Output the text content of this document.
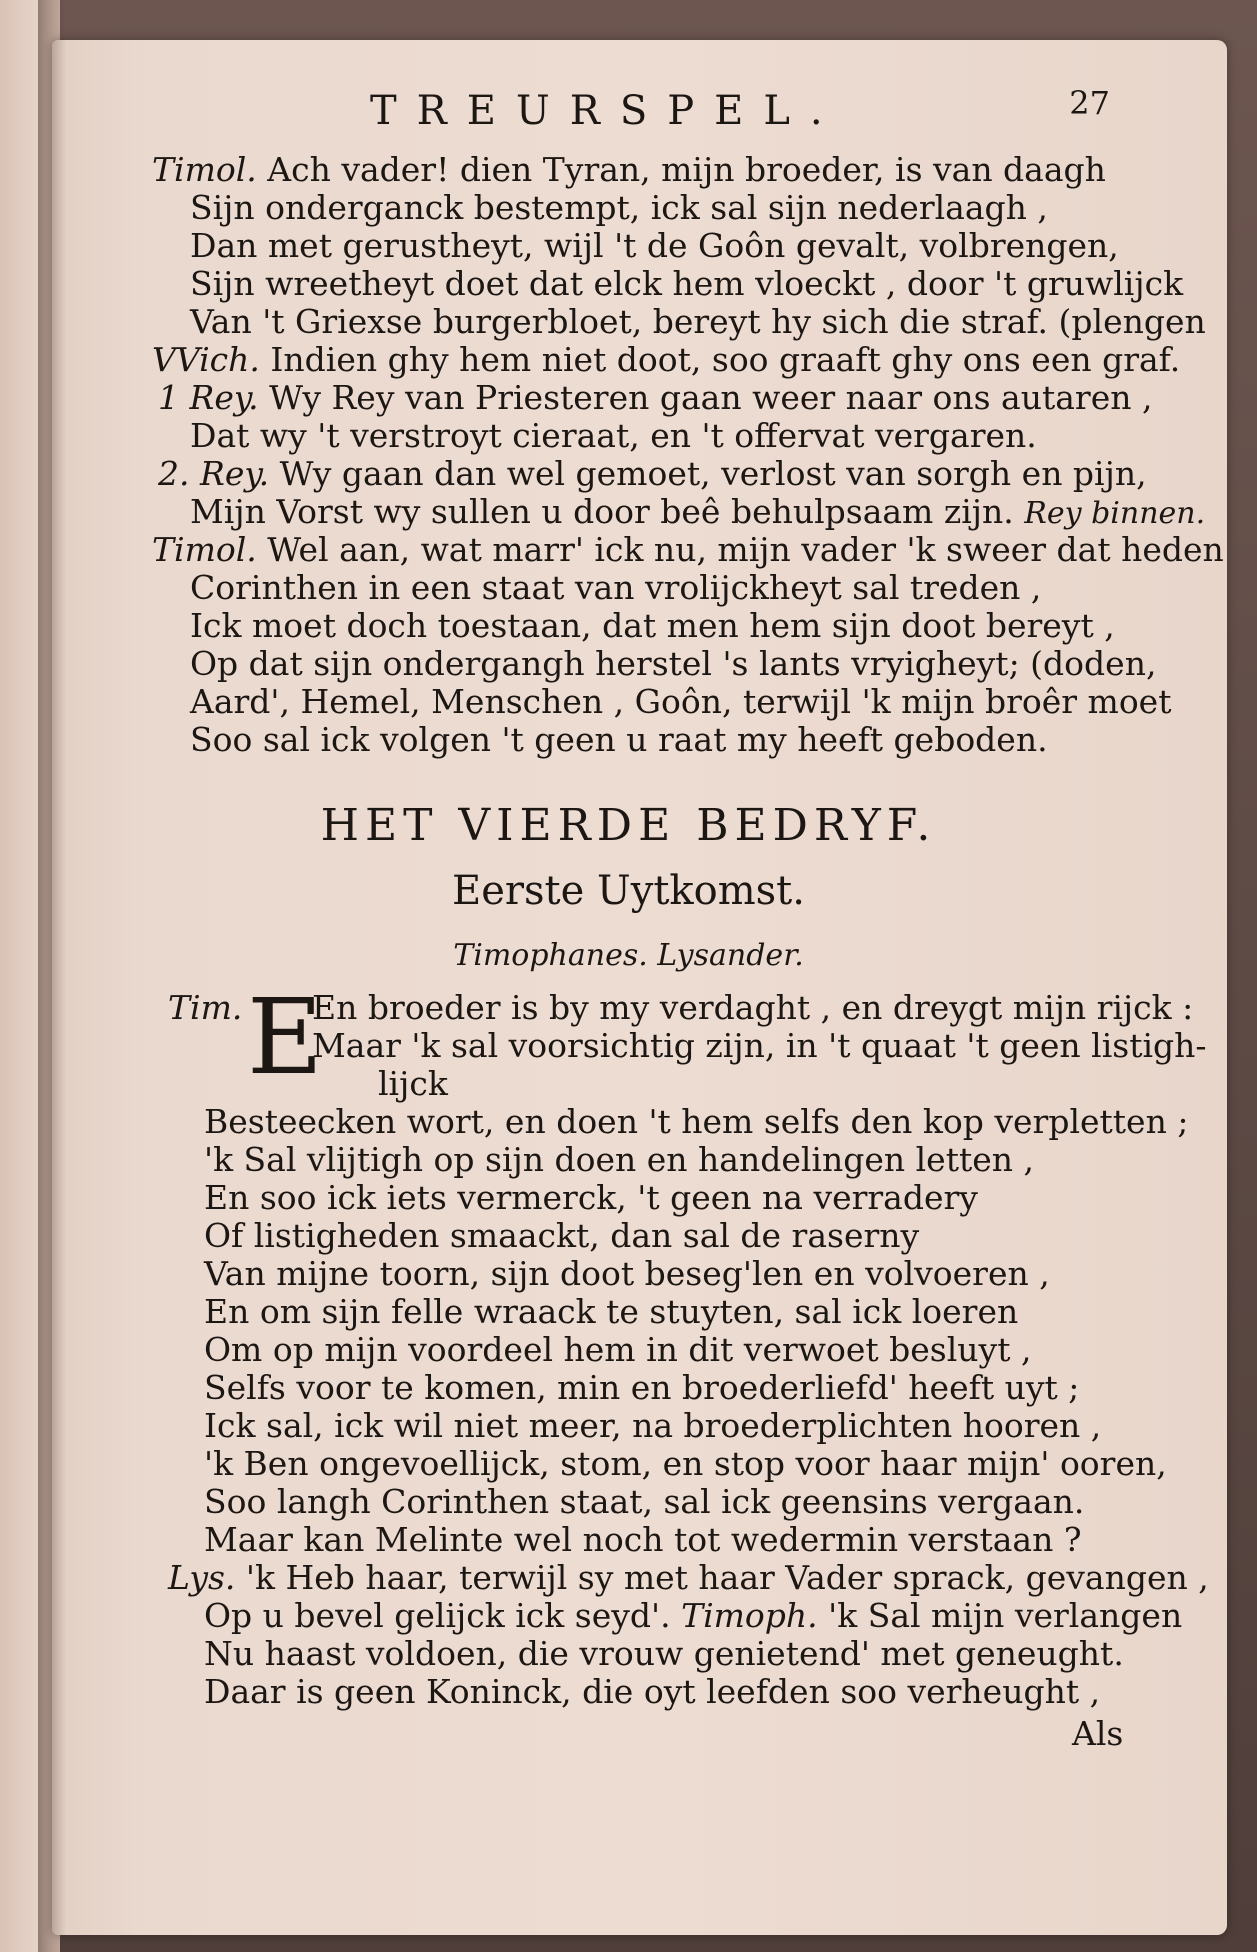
TREURSPEL.	27
Timol. Ach vader! dien Tyran, mijn broeder, is van daagh
Sijn onderganck bestempt, ick sal sijn nederlaagh ,
Dan met gerustheyt, wijl 't de Goôn gevalt, volbrengen,
Sijn wreetheyt doet dat elck hem vloeckt , door 't gruwlijck
Van 't Griexse burgerbloet, bereyt hy sich die straf. (plengen
VVich. Indien ghy hem niet doot, soo graaft ghy ons een graf.
1 Rey. Wy Rey van Priesteren gaan weer naar ons autaren ,
Dat wy 't verstroyt cieraat, en 't offervat vergaren.
2. Rey. Wy gaan dan wel gemoet, verlost van sorgh en pijn,
Mijn Vorst wy sullen u door beê behulpsaam zijn. Rey binnen.
Timol. Wel aan, wat marr' ick nu, mijn vader 'k sweer dat heden
Corinthen in een staat van vrolijckheyt sal treden ,
Ick moet doch toestaan, dat men hem sijn doot bereyt ,
Op dat sijn ondergangh herstel 's lants vryigheyt; (doden,
Aard', Hemel, Menschen , Goôn, terwijl 'k mijn broêr moet
Soo sal ick volgen 't geen u raat my heeft geboden.
HET VIERDE BEDRYF.
Eerste Uytkomst.
Timophanes. Lysander.
Tim. E
En broeder is by my verdaght , en dreygt mijn rijck :
Maar 'k sal voorsichtig zijn, in 't quaat 't geen listigh-
lijck
Besteecken wort, en doen 't hem selfs den kop verpletten ;
'k Sal vlijtigh op sijn doen en handelingen letten ,
En soo ick iets vermerck, 't geen na verradery
Of listigheden smaackt, dan sal de raserny
Van mijne toorn, sijn doot beseg'len en volvoeren ,
En om sijn felle wraack te stuyten, sal ick loeren
Om op mijn voordeel hem in dit verwoet besluyt ,
Selfs voor te komen, min en broederliefd' heeft uyt ;
Ick sal, ick wil niet meer, na broederplichten hooren ,
'k Ben ongevoellijck, stom, en stop voor haar mijn' ooren,
Soo langh Corinthen staat, sal ick geensins vergaan.
Maar kan Melinte wel noch tot wedermin verstaan ?
Lys. 'k Heb haar, terwijl sy met haar Vader sprack, gevangen ,
Op u bevel gelijck ick seyd'. Timoph. 'k Sal mijn verlangen
Nu haast voldoen, die vrouw genietend' met geneught.
Daar is geen Koninck, die oyt leefden soo verheught ,
Als
